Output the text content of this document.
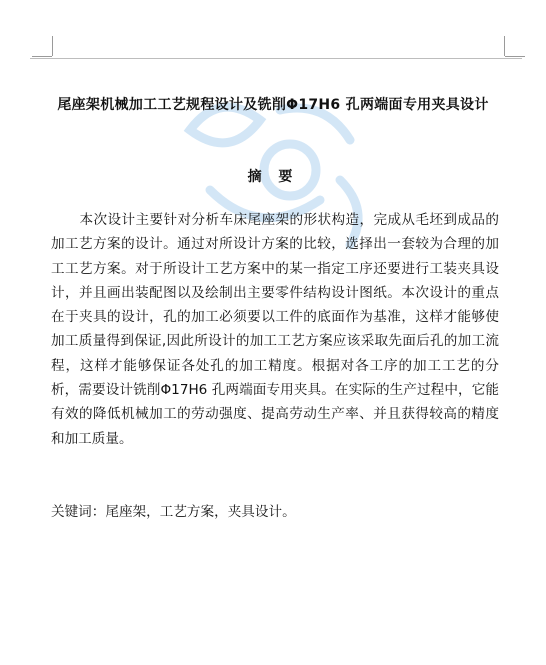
尾座架机械加工工艺规程设计及铣削Φ17H6 孔两端面专用夹具设计
摘 要

本次设计主要针对分析车床尾座架的形状构造，完成从毛坯到成品的加工艺方案的设计。通过对所设计方案的比较，选择出一套较为合理的加工工艺方案。对于所设计工艺方案中的某一指定工序还要进行工装夹具设计，并且画出装配图以及绘制出主要零件结构设计图纸。本次设计的重点在于夹具的设计，孔的加工必须要以工件的底面作为基准，这样才能够使加工质量得到保证,因此所设计的加工工艺方案应该采取先面后孔的加工流程，这样才能够保证各处孔的加工精度。根据对各工序的加工工艺的分析，需要设计铣削Φ17H6 孔两端面专用夹具。在实际的生产过程中，它能有效的降低机械加工的劳动强度、提高劳动生产率、并且获得较高的精度和加工质量。

关键词：尾座架，工艺方案，夹具设计。
